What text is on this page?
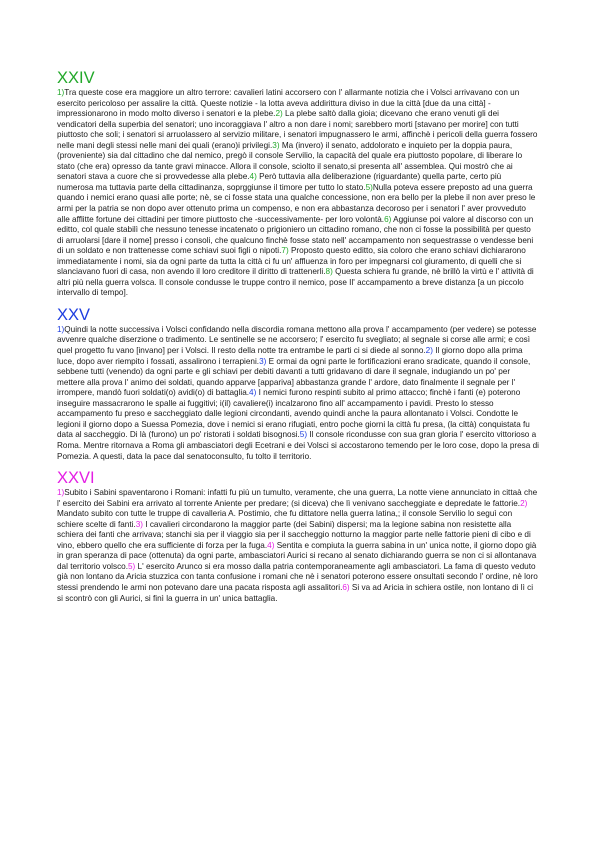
XXIV

1)Tra queste cose era maggiore un altro terrore: cavalieri latini accorsero con l' allarmante notizia che i Volsci arrivavano con un esercito pericoloso per assalire la città. Queste notizie - la lotta aveva addirittura diviso in due la città [due da una città] - impressionarono in modo molto diverso i senatori e la plebe.2) La plebe saltò dalla gioia; dicevano che erano venuti gli dei vendicatori della superbia del senatori; uno incoraggiava l' altro a non dare i nomi; sarebbero morti [stavano per morire] con tutti piuttosto che soli; i senatori si arruolassero al servizio militare, i senatori impugnassero le armi, affinchè i pericoli della guerra fossero nelle mani degli stessi nelle mani dei quali (erano)i privilegi.3) Ma (invero) il senato, addolorato e inquieto per la doppia paura, (proveniente) sia dal cittadino che dal nemico, pregò il console Servilio, la capacità del quale era piuttosto popolare, di liberare lo stato (che era) opresso da tante gravi minacce. Allora il console, sciolto il senato,si presenta all' assemblea. Qui mostrò che ai senatori stava a cuore che si provvedesse alla plebe.4) Però tuttavia alla deliberazione (riguardante) quella parte, certo più numerosa ma tuttavia parte della cittadinanza, soprggiunse il timore per tutto lo stato.5)Nulla poteva essere preposto ad una guerra quando i nemici erano quasi alle porte; nè, se ci fosse stata una qualche concessione, non era bello per la plebe il non aver preso le armi per la patria se non dopo aver ottenuto prima un compenso, e non era abbastanza decoroso per i senatori l' aver provveduto alle afflitte fortune dei cittadini per timore piuttosto che -successivamente- per loro volontà.6) Aggiunse poi valore al discorso con un editto, col quale stabilì che nessuno tenesse incatenato o prigioniero un cittadino romano, che non ci fosse la possibilità per questo di arruolarsi [dare il nome] presso i consoli, che qualcuno finchè fosse stato nell' accampamento non sequestrasse o vendesse beni di un soldato e non trattenesse come schiavi suoi figli o nipoti.7) Proposto questo editto, sia coloro che erano schiavi dichiararono immediatamente i nomi, sia da ogni parte da tutta la città ci fu un' affluenza in foro per impegnarsi col giuramento, di quelli che si slanciavano fuori di casa, non avendo il loro creditore il diritto di trattenerli.8) Questa schiera fu grande, nè brillò la virtù e l' attività di altri più nella guerra volsca. Il console condusse le truppe contro il nemico, pose Il' accampamento a breve distanza [a un piccolo intervallo di tempo].

XXV

1)Quindi la notte successiva i Volsci confidando nella discordia romana mettono alla prova l' accampamento (per vedere) se potesse avvenre qualche diserzione o tradimento. Le sentinelle se ne accorsero; l' esercito fu svegliato; al segnale si corse alle armi; e così quel progetto fu vano [invano] per i Volsci. Il resto della notte tra entrambe le parti ci si diede al sonno.2) Il giorno dopo alla prima luce, dopo aver riempito i fossati, assalirono i terrapieni.3) E ormai da ogni parte le fortificazioni erano sradicate, quando il console, sebbene tutti (venendo) da ogni parte e gli schiavi per debiti davanti a tutti gridavano di dare il segnale, indugiando un po' per mettere alla prova l' animo dei soldati, quando apparve [appariva] abbastanza grande l' ardore, dato finalmente il segnale per l' irrompere, mandò fuori soldati(o) avidi(o) di battaglia.4) I nemici furono respinti subito al primo attacco; finchè i fanti (e) poterono inseguire massacrarono le spalle ai fuggitivi; i(il) cavaliere(i) incalzarono fino all' accampamento i pavidi. Presto lo stesso accampamento fu preso e saccheggiato dalle legioni circondanti, avendo quindi anche la paura allontanato i Volsci. Condotte le legioni il giorno dopo a Suessa Pomezia, dove i nemici si erano rifugiati, entro poche giorni la città fu presa, (la città) conquistata fu data al saccheggio. Di là (furono) un po' ristorati i soldati bisognosi.5) Il console ricondusse con sua gran gloria l' esercito vittorioso a Roma. Mentre ritornava a Roma gli ambasciatori degli Ecetrani e dei Volsci si accostarono temendo per le loro cose, dopo la presa di Pomezia. A questi, data la pace dal senatoconsulto, fu tolto il territorio.

XXVI

1)Subito i Sabini spaventarono i Romani: infatti fu più un tumulto, veramente, che una guerra, La notte viene annunciato in cittaà che l' esercito dei Sabini era arrivato al torrente Aniente per predare; (si diceva) che lì venivano saccheggiate e depredate le fattorie.2) Mandato subito con tutte le truppe di cavalleria A. Postimio, che fu dittatore nella guerra latina,; il console Servilio lo seguì con schiere scelte di fanti.3) I cavalieri circondarono la maggior parte (dei Sabini) dispersi; ma la legione sabina non resistette alla schiera dei fanti che arrivava; stanchi sia per il viaggio sia per il saccheggio notturno la maggior parte nelle fattorie pieni di cibo e di vino, ebbero quello che era sufficiente di forza per la fuga.4) Sentita e compiuta la guerra sabina in un' unica notte, il giorno dopo già in gran speranza di pace (ottenuta) da ogni parte, ambasciatori Aurici si recano al senato dichiarando guerra se non ci si allontanava dal territorio volsco.5) L' esercito Arunco si era mosso dalla patria contemporaneamente agli ambasciatori. La fama di questo veduto già non lontano da Aricia stuzzica con tanta confusione i romani che nè i senatori poterono essere onsultati secondo l' ordine, nè loro stessi prendendo le armi non potevano dare una pacata risposta agli assalitori.6) Si va ad Aricia in schiera ostile, non lontano di lì ci si scontrò con gli Aurici, si finì la guerra in un' unica battaglia.
